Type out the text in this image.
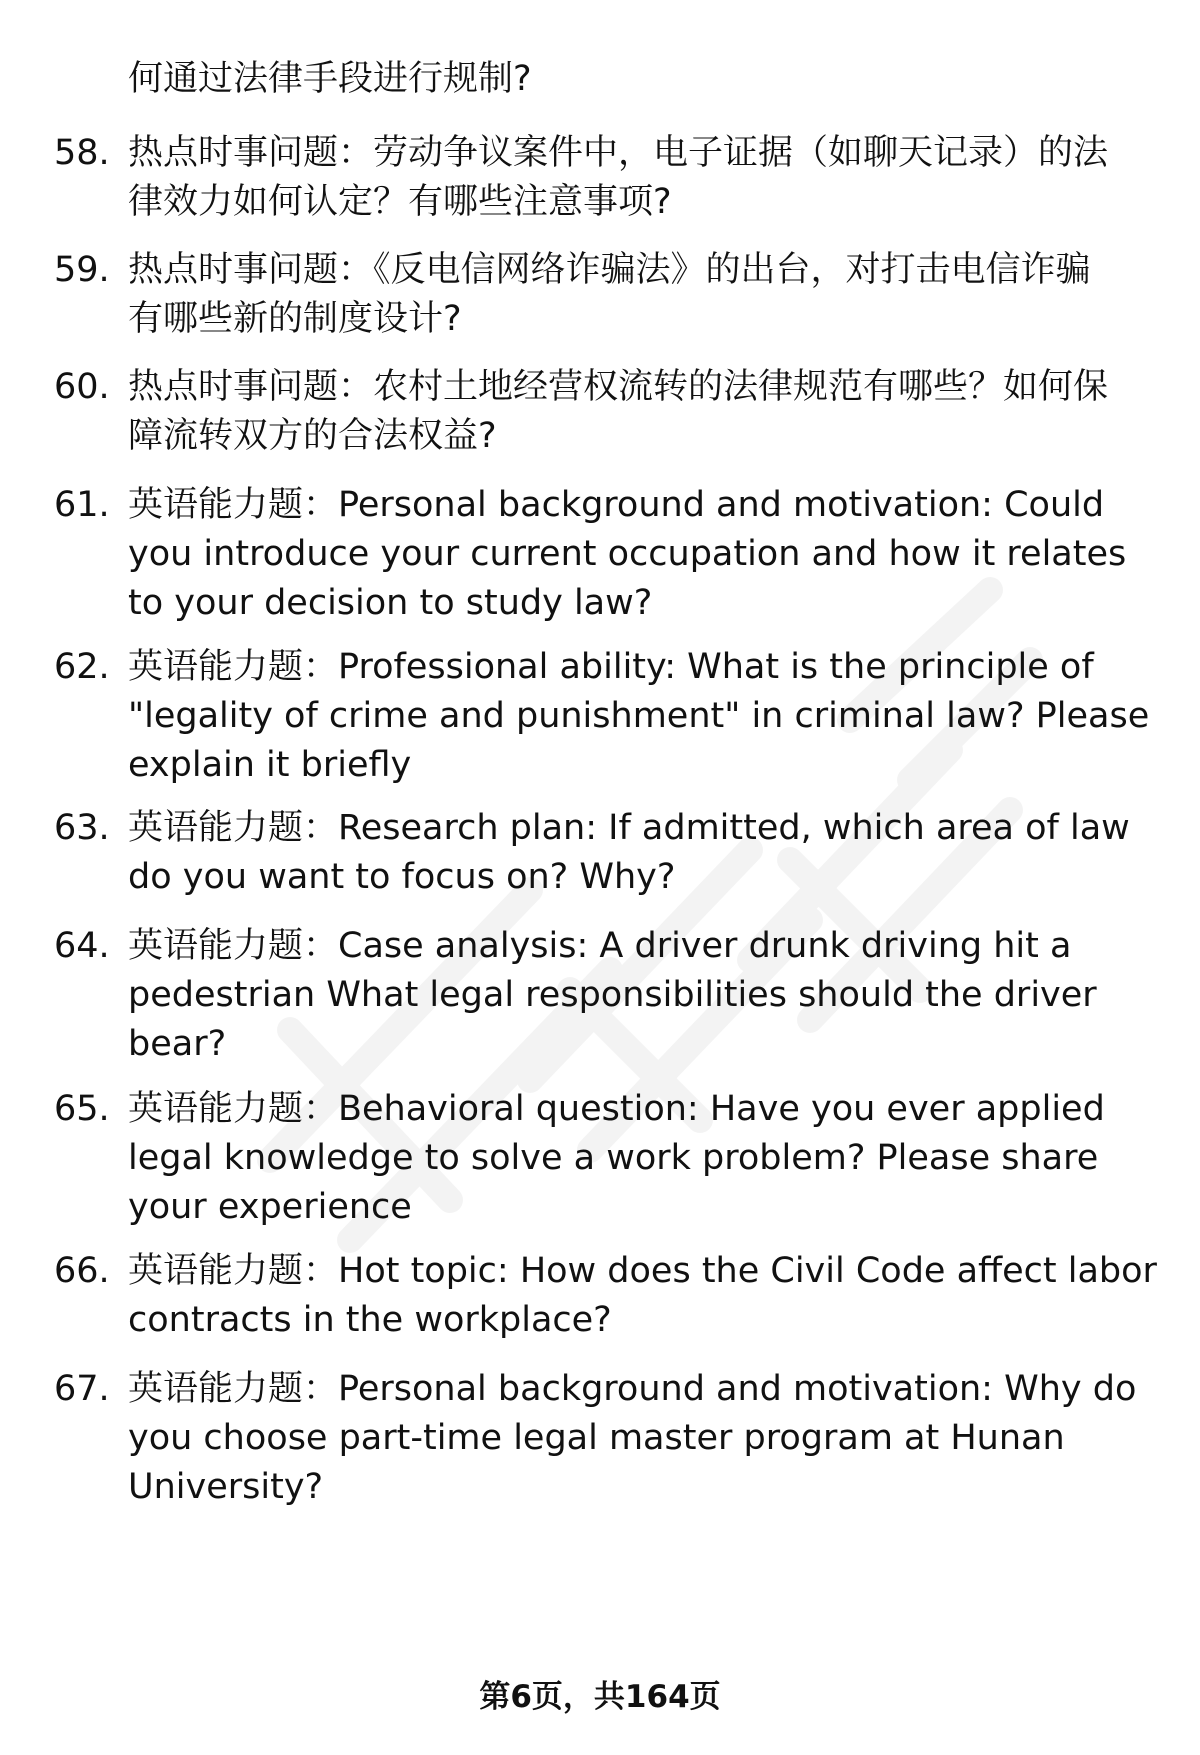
何通过法律手段进行规制?
58. 热点时事问题：劳动争议案件中，电子证据（如聊天记录）的法
律效力如何认定？有哪些注意事项?
59. 热点时事问题：《反电信网络诈骗法》的出台，对打击电信诈骗
有哪些新的制度设计?
60. 热点时事问题：农村土地经营权流转的法律规范有哪些？如何保
障流转双方的合法权益?
61. 英语能力题：Personal background and motivation: Could
you introduce your current occupation and how it relates
to your decision to study law?
62. 英语能力题：Professional ability: What is the principle of
"legality of crime and punishment" in criminal law? Please
explain it briefly
63. 英语能力题：Research plan: If admitted, which area of law
do you want to focus on? Why?
64. 英语能力题：Case analysis: A driver drunk driving hit a
pedestrian What legal responsibilities should the driver
bear?
65. 英语能力题：Behavioral question: Have you ever applied
legal knowledge to solve a work problem? Please share
your experience
66. 英语能力题：Hot topic: How does the Civil Code affect labor
contracts in the workplace?
67. 英语能力题：Personal background and motivation: Why do
you choose part-time legal master program at Hunan
University?
第6页，共164页
